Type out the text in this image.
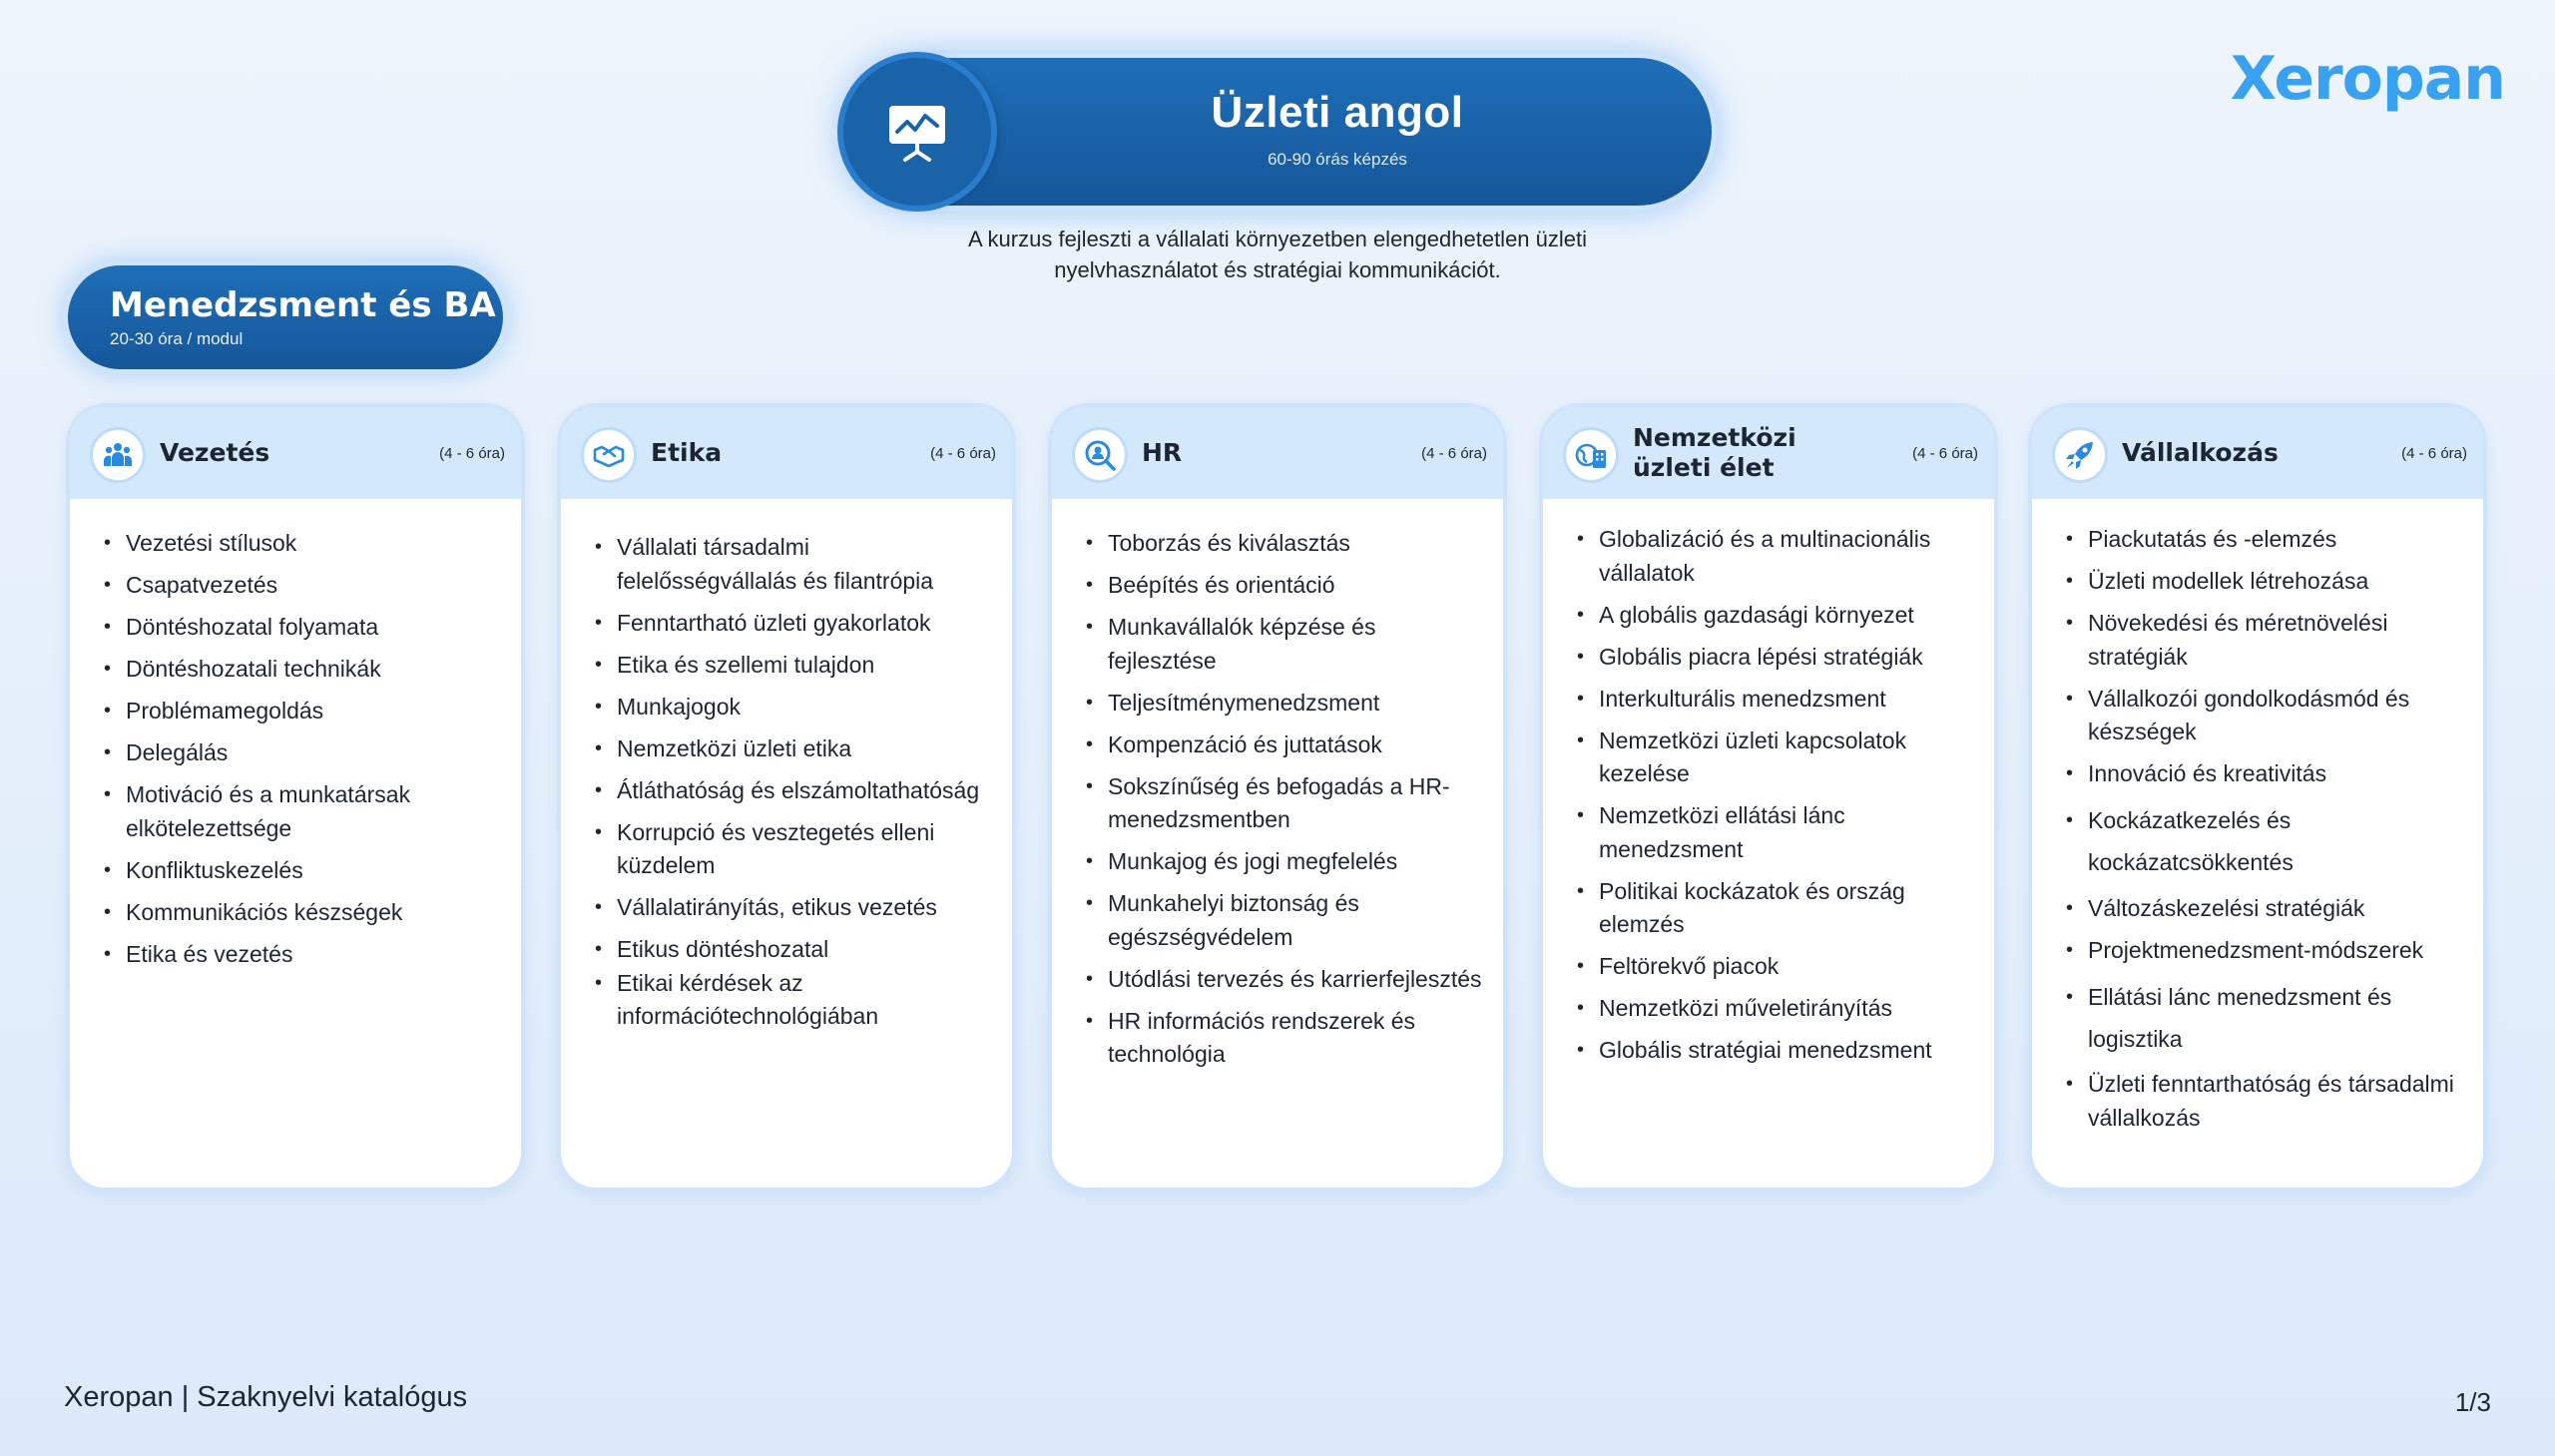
Xeropan
Üzleti angol
60-90 órás képzés
A kurzus fejleszti a vállalati környezetben elengedhetetlen üzleti nyelvhasználatot és stratégiai kommunikációt.
Menedzsment és BA
20-30 óra / modul
Vezetés	(4 - 6 óra)
• Vezetési stílusok
• Csapatvezetés
• Döntéshozatal folyamata
• Döntéshozatali technikák
• Problémamegoldás
• Delegálás
• Motiváció és a munkatársak elkötelezettsége
• Konfliktuskezelés
• Kommunikációs készségek
• Etika és vezetés
Etika	(4 - 6 óra)
• Vállalati társadalmi felelősségvállalás és filantrópia
• Fenntartható üzleti gyakorlatok
• Etika és szellemi tulajdon
• Munkajogok
• Nemzetközi üzleti etika
• Átláthatóság és elszámoltathatóság
• Korrupció és vesztegetés elleni küzdelem
• Vállalatirányítás, etikus vezetés
• Etikus döntéshozatal
• Etikai kérdések az információtechnológiában
HR	(4 - 6 óra)
• Toborzás és kiválasztás
• Beépítés és orientáció
• Munkavállalók képzése és fejlesztése
• Teljesítménymenedzsment
• Kompenzáció és juttatások
• Sokszínűség és befogadás a HR-menedzsmentben
• Munkajog és jogi megfelelés
• Munkahelyi biztonság és egészségvédelem
• Utódlási tervezés és karrierfejlesztés
• HR információs rendszerek és technológia
Nemzetközi üzleti élet	(4 - 6 óra)
• Globalizáció és a multinacionális vállalatok
• A globális gazdasági környezet
• Globális piacra lépési stratégiák
• Interkulturális menedzsment
• Nemzetközi üzleti kapcsolatok kezelése
• Nemzetközi ellátási lánc menedzsment
• Politikai kockázatok és ország elemzés
• Feltörekvő piacok
• Nemzetközi műveletirányítás
• Globális stratégiai menedzsment
Vállalkozás	(4 - 6 óra)
• Piackutatás és -elemzés
• Üzleti modellek létrehozása
• Növekedési és méretnövelési stratégiák
• Vállalkozói gondolkodásmód és készségek
• Innováció és kreativitás
• Kockázatkezelés és kockázatcsökkentés
• Változáskezelési stratégiák
• Projektmenedzsment-módszerek
• Ellátási lánc menedzsment és logisztika
• Üzleti fenntarthatóság és társadalmi vállalkozás
Xeropan | Szaknyelvi katalógus	1/3
